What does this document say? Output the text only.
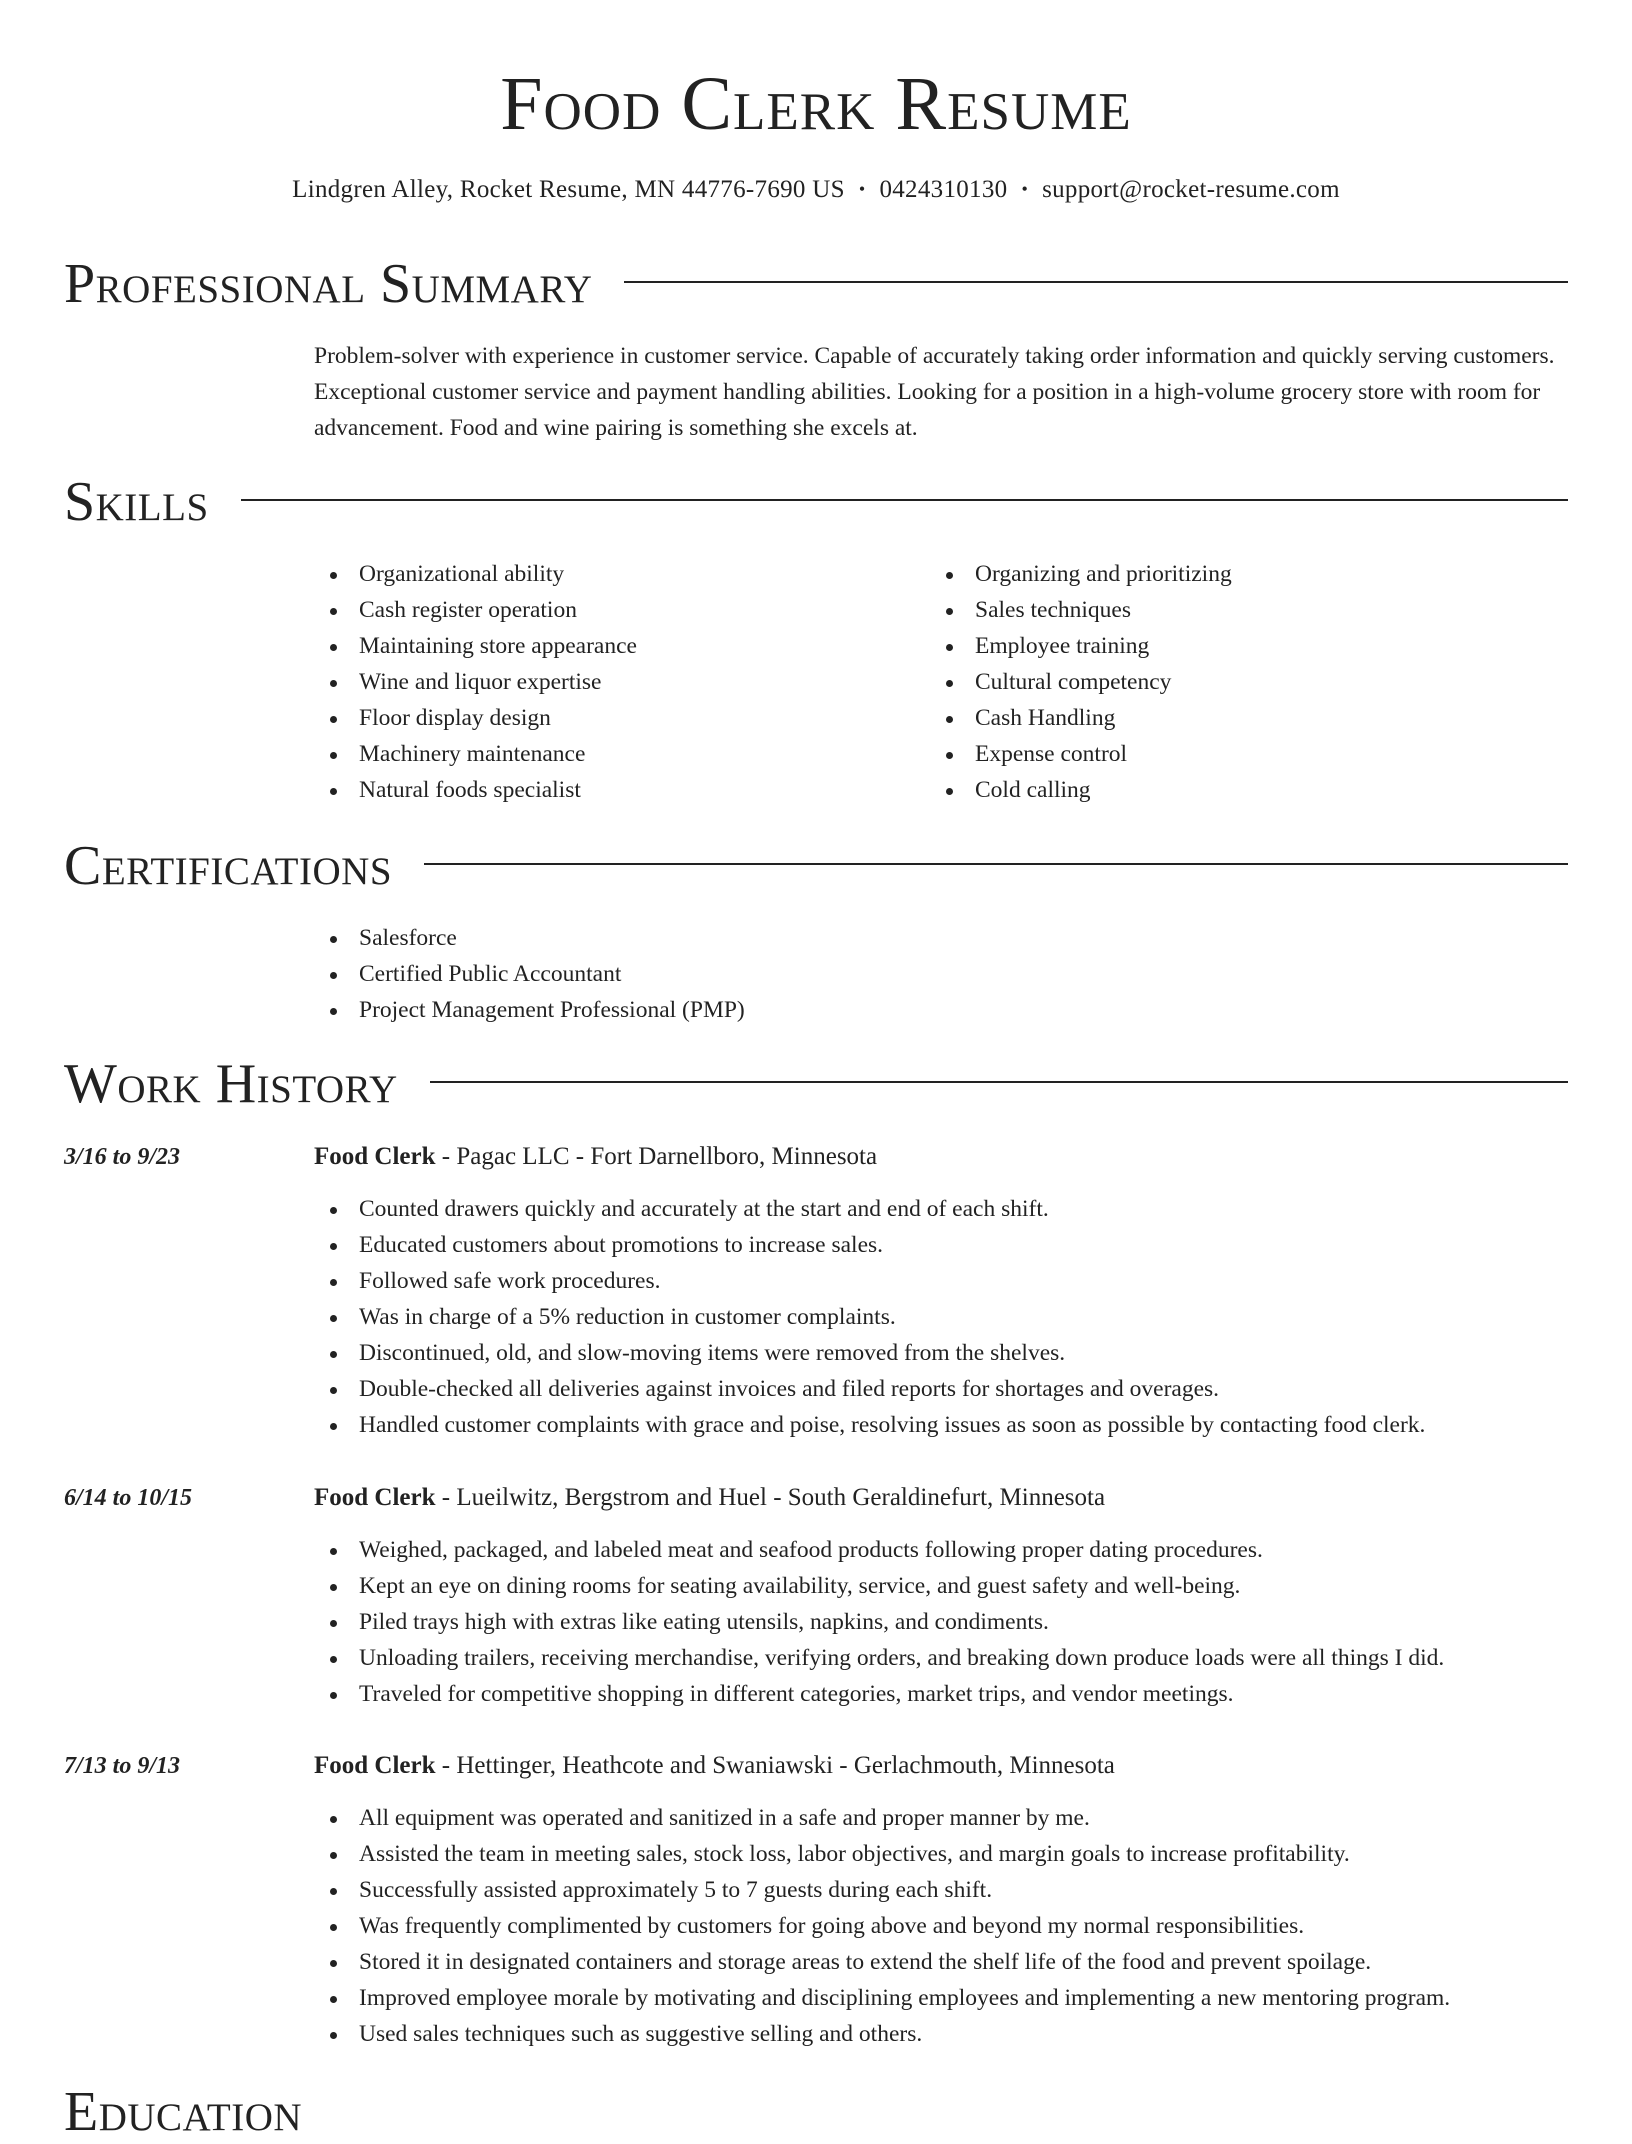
Food Clerk Resume
Lindgren Alley, Rocket Resume, MN 44776-7690 US • 0424310130 • support@rocket-resume.com
Professional Summary

Problem-solver with experience in customer service. Capable of accurately taking order information and quickly serving customers. Exceptional customer service and payment handling abilities. Looking for a position in a high-volume grocery store with room for advancement. Food and wine pairing is something she excels at.

Skills
Organizational ability
Cash register operation
Maintaining store appearance
Wine and liquor expertise
Floor display design
Machinery maintenance
Natural foods specialist
Organizing and prioritizing
Sales techniques
Employee training
Cultural competency
Cash Handling
Expense control
Cold calling
Certifications
Salesforce
Certified Public Accountant
Project Management Professional (PMP)
Work History
3/16 to 9/23	Food Clerk - Pagac LLC - Fort Darnellboro, Minnesota
Counted drawers quickly and accurately at the start and end of each shift.
Educated customers about promotions to increase sales.
Followed safe work procedures.
Was in charge of a 5% reduction in customer complaints.
Discontinued, old, and slow-moving items were removed from the shelves.
Double-checked all deliveries against invoices and filed reports for shortages and overages.
Handled customer complaints with grace and poise, resolving issues as soon as possible by contacting food clerk.
6/14 to 10/15	Food Clerk - Lueilwitz, Bergstrom and Huel - South Geraldinefurt, Minnesota
Weighed, packaged, and labeled meat and seafood products following proper dating procedures.
Kept an eye on dining rooms for seating availability, service, and guest safety and well-being.
Piled trays high with extras like eating utensils, napkins, and condiments.
Unloading trailers, receiving merchandise, verifying orders, and breaking down produce loads were all things I did.
Traveled for competitive shopping in different categories, market trips, and vendor meetings.
7/13 to 9/13	Food Clerk - Hettinger, Heathcote and Swaniawski - Gerlachmouth, Minnesota
All equipment was operated and sanitized in a safe and proper manner by me.
Assisted the team in meeting sales, stock loss, labor objectives, and margin goals to increase profitability.
Successfully assisted approximately 5 to 7 guests during each shift.
Was frequently complimented by customers for going above and beyond my normal responsibilities.
Stored it in designated containers and storage areas to extend the shelf life of the food and prevent spoilage.
Improved employee morale by motivating and disciplining employees and implementing a new mentoring program.
Used sales techniques such as suggestive selling and others.
Education
